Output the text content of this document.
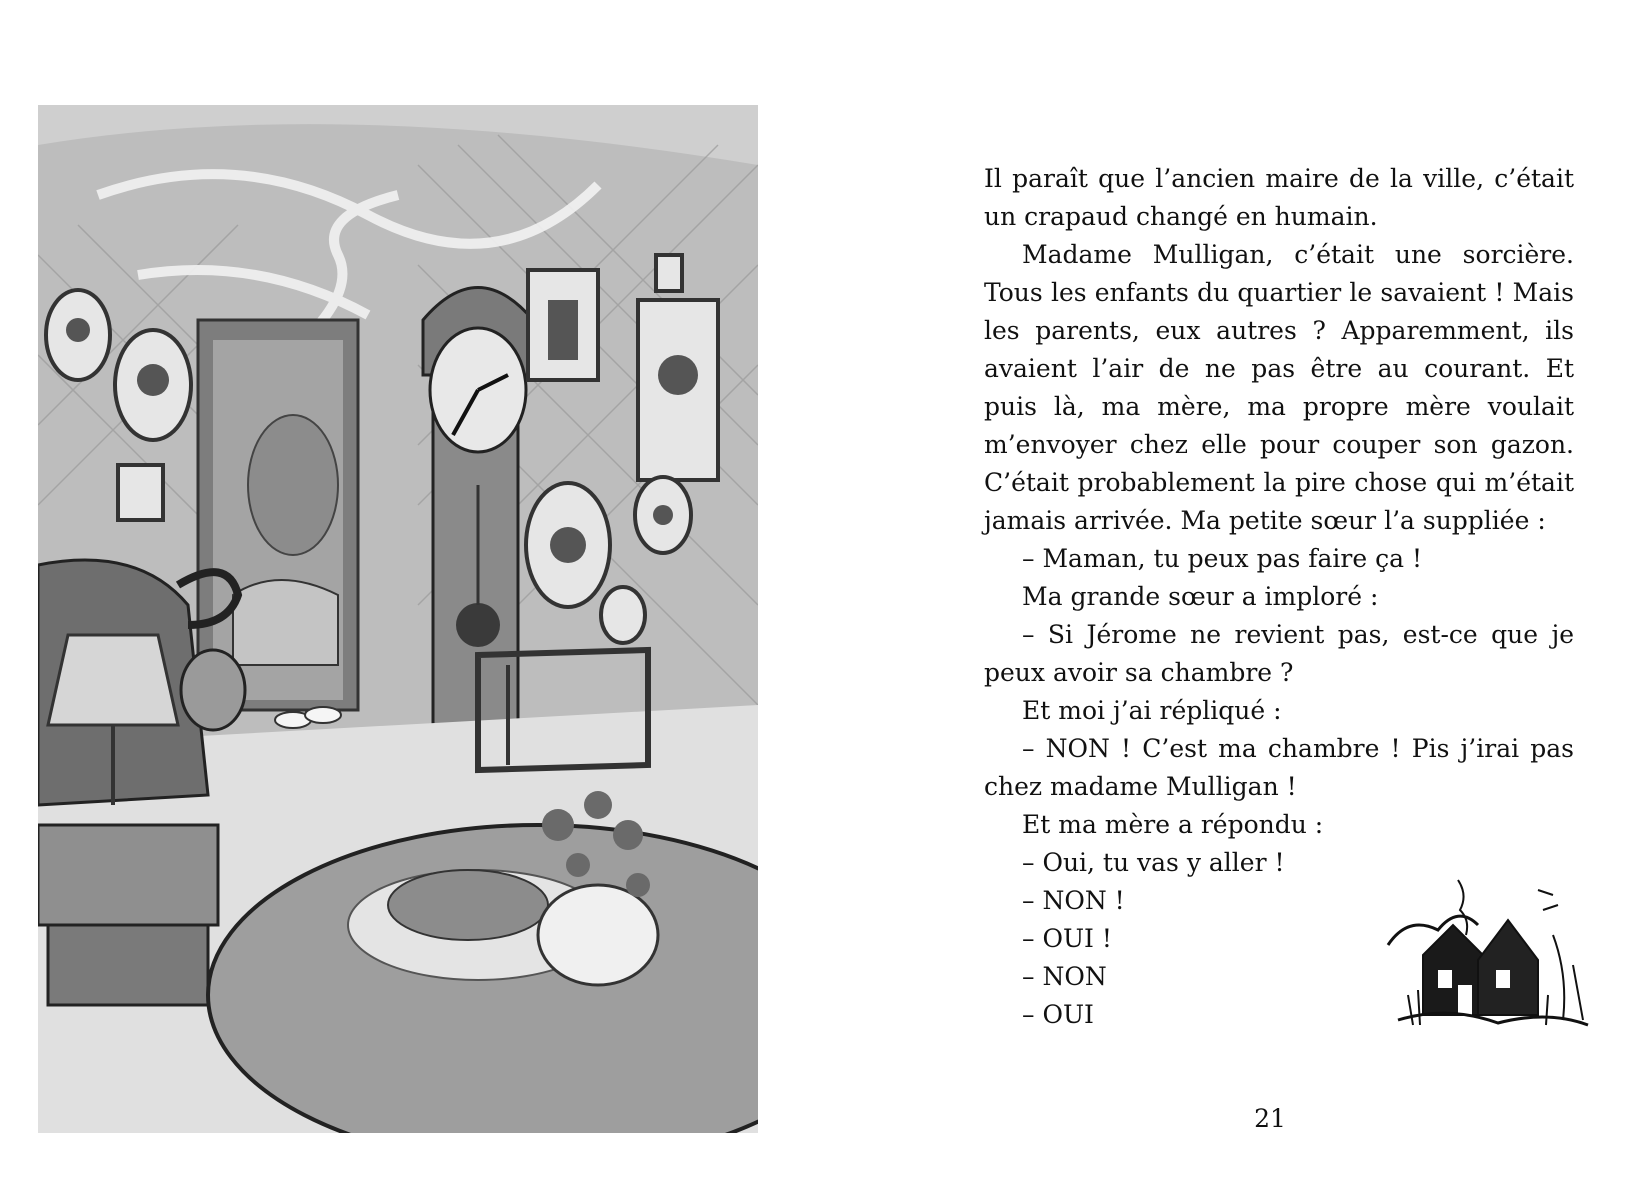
Il paraît que l’ancien maire de la ville, c’était un crapaud changé en humain.

Madame Mulligan, c’était une sorcière. Tous les enfants du quartier le savaient ! Mais les parents, eux autres ? Apparemment, ils avaient l’air de ne pas être au courant. Et puis là, ma mère, ma propre mère voulait m’envoyer chez elle pour couper son gazon. C’était probablement la pire chose qui m’était jamais arrivée. Ma petite sœur l’a suppliée :

– Maman, tu peux pas faire ça !

Ma grande sœur a imploré :

– Si Jérome ne revient pas, est-ce que je peux avoir sa chambre ?

Et moi j’ai répliqué :

– NON ! C’est ma chambre ! Pis j’irai pas chez madame Mulligan !

Et ma mère a répondu :

– Oui, tu vas y aller !

– NON !

– OUI !

– NON

– OUI

21
